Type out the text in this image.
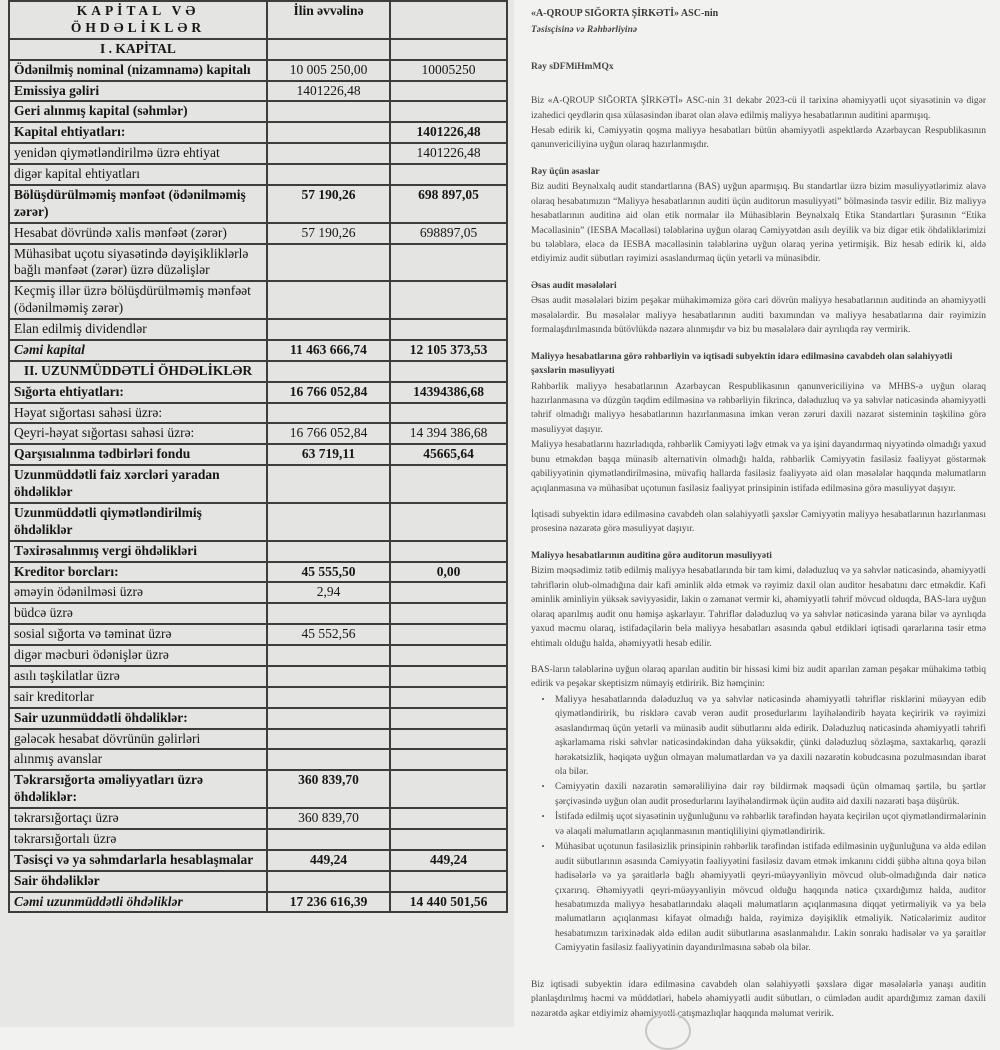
KAPİTAL VƏ ÖHDƏLİKLƏR	İlin əvvəlinə	
I . KAPİTAL		
Ödənilmiş nominal (nizamnamə) kapitalı	10 005 250,00	10005250
Emissiya gəliri	1401226,48	
Geri alınmış kapital (səhmlər)		
Kapital ehtiyatları:		1401226,48
yenidən qiymətləndirilmə üzrə ehtiyat		1401226,48
digər kapital ehtiyatları		
Bölüşdürülməmiş mənfəət (ödənilməmiş zərər)	57 190,26	698 897,05
Hesabat dövründə xalis mənfəət (zərər)	57 190,26	698897,05
Mühasibat uçotu siyasətində dəyişikliklərlə bağlı mənfəət (zərər) üzrə düzəlişlər		
Keçmiş illər üzrə bölüşdürülməmiş mənfəət (ödənilməmiş zərər)		
Elan edilmiş dividendlər		
Cəmi kapital	11 463 666,74	12 105 373,53
II. UZUNMÜDDƏTLİ ÖHDƏLİKLƏR		
Sığorta ehtiyatları:	16 766 052,84	14394386,68
Həyat sığortası sahəsi üzrə:		
Qeyri-həyat sığortası sahəsi üzrə:	16 766 052,84	14 394 386,68
Qarşısıalınma tədbirləri fondu	63 719,11	45665,64
Uzunmüddətli faiz xərcləri yaradan öhdəliklər		
Uzunmüddətli qiymətləndirilmiş öhdəliklər		
Təxirəsalınmış vergi öhdəlikləri		
Kreditor borcları:	45 555,50	0,00
əməyin ödənilməsi üzrə	2,94	
büdcə üzrə		
sosial sığorta və təminat üzrə	45 552,56	
digər məcburi ödənişlər üzrə		
asılı təşkilatlar üzrə		
sair kreditorlar		
Sair uzunmüddətli öhdəliklər:		
gələcək hesabat dövrünün gəlirləri		
alınmış avanslar		
Təkrarsığorta əməliyyatları üzrə öhdəliklər:	360 839,70	
təkrarsığortaçı üzrə	360 839,70	
təkrarsığortalı üzrə		
Təsisçi və ya səhmdarlarla hesablaşmalar	449,24	449,24
Sair öhdəliklər		
Cəmi uzunmüddətli öhdəliklər	17 236 616,39	14 440 501,56

«A-QROUP SIĞORTA ŞİRKƏTİ» ASC-nin

Təsisçisinə və Rəhbərliyinə

Rəy sDFMiHmMQx

Biz «A-QROUP SIĞORTA ŞİRKƏTİ» ASC-nin 31 dekabr 2023-cü il tarixinə əhəmiyyətli uçot siyasətinin və digər izahedici qeydlərin qısa xülasəsindən ibarət olan əlavə edilmiş maliyyə hesabatlarının auditini aparmışıq.

Hesab edirik ki, Cəmiyyətin qoşma maliyyə hesabatları bütün əhəmiyyətli aspektlərdə Azərbaycan Respublikasının qanunvericiliyinə uyğun olaraq hazırlanmışdır.

Rəy üçün əsaslar

Biz auditi Beynəlxalq audit standartlarına (BAS) uyğun aparmışıq. Bu standartlar üzrə bizim məsuliyyətlərimiz əlavə olaraq hesabatımızın “Maliyyə hesabatlarının auditi üçün auditorun məsuliyyəti” bölməsində təsvir edilir. Biz maliyyə hesabatlarının auditinə aid olan etik normalar ilə Mühasiblərin Beynəlxalq Etika Standartları Şurasının “Etika Məcəllasinin” (IESBA Məcəlləsi) tələblərinə uyğun olaraq Cəmiyyətdən asılı deyilik və biz digər etik öhdəliklərimizi bu tələblərə, eləcə də IESBA məcəlləsinin tələblərinə uyğun olaraq yerinə yetirmişik. Biz hesab edirik ki, əldə etdiyimiz audit sübutları rəyimizi əsaslandırmaq üçün yetərli və münasibdir.

Əsas audit məsələləri

Əsas audit məsələləri bizim peşəkar mühakiməmizə görə cari dövrün maliyyə hesabatlarının auditində ən əhəmiyyətli məsələlərdir. Bu məsələlər maliyyə hesabatlarının auditi baxımından və maliyyə hesabatlarına dair rəyimizin formalaşdırılmasında bütövlükdə nəzərə alınmışdır və biz bu məsələlərə dair ayrılıqda rəy vermirik.

Maliyyə hesabatlarına görə rəhbərliyin və iqtisadi subyektin idarə edilməsinə cavabdeh olan səlahiyyətli şəxslərin məsuliyyəti

Rəhbərlik maliyyə hesabatlarının Azərbaycan Respublikasının qanunvericiliyinə və MHBS-ə uyğun olaraq hazırlanmasına və düzgün təqdim edilməsinə və rəhbərliyin fikrincə, dələduzluq və ya səhvlər nəticəsində əhəmiyyətli təhrif olmadığı maliyyə hesabatlarının hazırlanmasına imkan verən zəruri daxili nəzarət sisteminin təşkilinə görə məsuliyyət daşıyır.

Maliyyə hesabatlarını hazırladıqda, rəhbərlik Cəmiyyəti ləğv etmək və ya işini dayandırmaq niyyətində olmadığı yaxud bunu etməkdən başqa münasib alternativin olmadığı halda, rəhbərlik Cəmiyyətin fasiləsiz fəaliyyət göstərmək qabiliyyətinin qiymətləndirilməsinə, müvafiq hallarda fasiləsiz fəaliyyətə aid olan məsələlər haqqında məlumatların açıqlanmasına və mühasibat uçotunun fasiləsiz fəaliyyət prinsipinin istifadə edilməsinə görə məsuliyyət daşıyır.

İqtisadi subyektin idarə edilməsinə cavabdeh olan səlahiyyətli şəxslər Cəmiyyətin maliyyə hesabatlarının hazırlanması prosesinə nəzarətə görə məsuliyyət daşıyır.

Maliyyə hesabatlarının auditinə görə auditorun məsuliyyəti

Bizim məqsədimiz tətib edilmiş maliyyə hesabatlarında bir tam kimi, dələduzluq və ya səhvlər nəticəsində, əhəmiyyətli təhriflərin olub-olmadığına dair kafi əminlik əldə etmək və rəyimiz daxil olan auditor hesabatını dərc etməkdir. Kafi əminlik əminliyin yüksək səviyyəsidir, lakin o zəmanət vermir ki, əhəmiyyətli təhrif mövcud olduqda, BAS-lara uyğun olaraq aparılmış audit onu həmişə aşkarlayır. Təhriflər dələduzluq və ya səhvlər nəticəsində yarana bilər və ayrılıqda yaxud məcmu olaraq, istifadəçilərin belə maliyyə hesabatları əsasında qəbul etdikləri iqtisadi qərarlarına təsir etmə ehtimalı olduğu halda, əhəmiyyətli hesab edilir.

BAS-ların tələblərinə uyğun olaraq aparılan auditin bir hissəsi kimi biz audit aparılan zaman peşəkar mühakimə tətbiq edirik və peşəkar skeptisizm nümayiş etdiririk. Biz həmçinin:

•	Maliyyə hesabatlarında dələduzluq və ya səhvlər nəticəsində əhəmiyyətli təhriflər risklərini müəyyən edib qiymətləndiririk, bu risklərə cavab verən audit prosedurlarını layihələndirib həyata keçiririk və rəyimizi əsaslandırmaq üçün yetərli və münasib audit sübutlarını əldə edirik. Dələduzluq nəticəsində əhəmiyyətli təhrifi aşkarlamama riski səhvlər nəticəsindəkindən daha yüksəkdir, çünki dələduzluq sözləşmə, saxtakarlıq, qərəzli hərəkətsizlik, həqiqətə uyğun olmayan məlumatlardan və ya daxili nəzarətin kobudcasına pozulmasından ibarət ola bilər.
•	Cəmiyyətin daxili nəzarətin səmərəliliyinə dair rəy bildirmək məqsədi üçün olmamaq şərtilə, bu şərtlər şərçivəsində uyğun olan audit prosedurlarını layihələndirmək üçün auditə aid daxili nəzarəti başa düşürük.
•	İstifadə edilmiş uçot siyasətinin uyğunluğunu və rəhbərlik tərəfindən həyata keçirilən uçot qiymətləndirmələrinin və əlaqəli məlumatların açıqlanmasının məntiqliliyini qiymətləndiririk.
•	Mühasibat uçotunun fasiləsizlik prinsipinin rəhbərlik tərəfindən istifadə edilməsinin uyğunluğuna və əldə edilən audit sübutlarının əsasında Cəmiyyətin fəaliyyətini fasiləsiz davam etmək imkanını ciddi şübhə altına qoya bilən hadisələrlə və ya şəraitlərlə bağlı əhəmiyyətli qeyri-müəyyənliyin mövcud olub-olmadığında dair nəticə çıxarırıq. Əhəmiyyətli qeyri-müəyyənliyin mövcud olduğu haqqında nəticə çıxardığımız halda, auditor hesabatımızda maliyyə hesabatlarındakı əlaqəli məlumatların açıqlanmasına diqqət yetirməliyik və ya belə məlumatların açıqlanması kifayət olmadığı halda, rəyimizə dəyişiklik etməliyik. Nəticələrimiz auditor hesabatımızın tarixinədək əldə edilən audit sübutlarına əsaslanmalıdır. Lakin sonrakı hadisələr və ya şəraitlər Cəmiyyətin fasiləsiz fəaliyyətinin dayandırılmasına səbəb ola bilər.

Biz iqtisadi subyektin idarə edilməsinə cavabdeh olan səlahiyyətli şəxslərə digər məsələlərlə yanaşı auditin planlaşdırılmış həcmi və müddətləri, habelə əhəmiyyətli audit sübutları, o cümlədən audit apardığımız zaman daxili nəzarətdə aşkar etdiyimiz əhəmiyyətli çatışmazlıqlar haqqında məlumat veririk.
